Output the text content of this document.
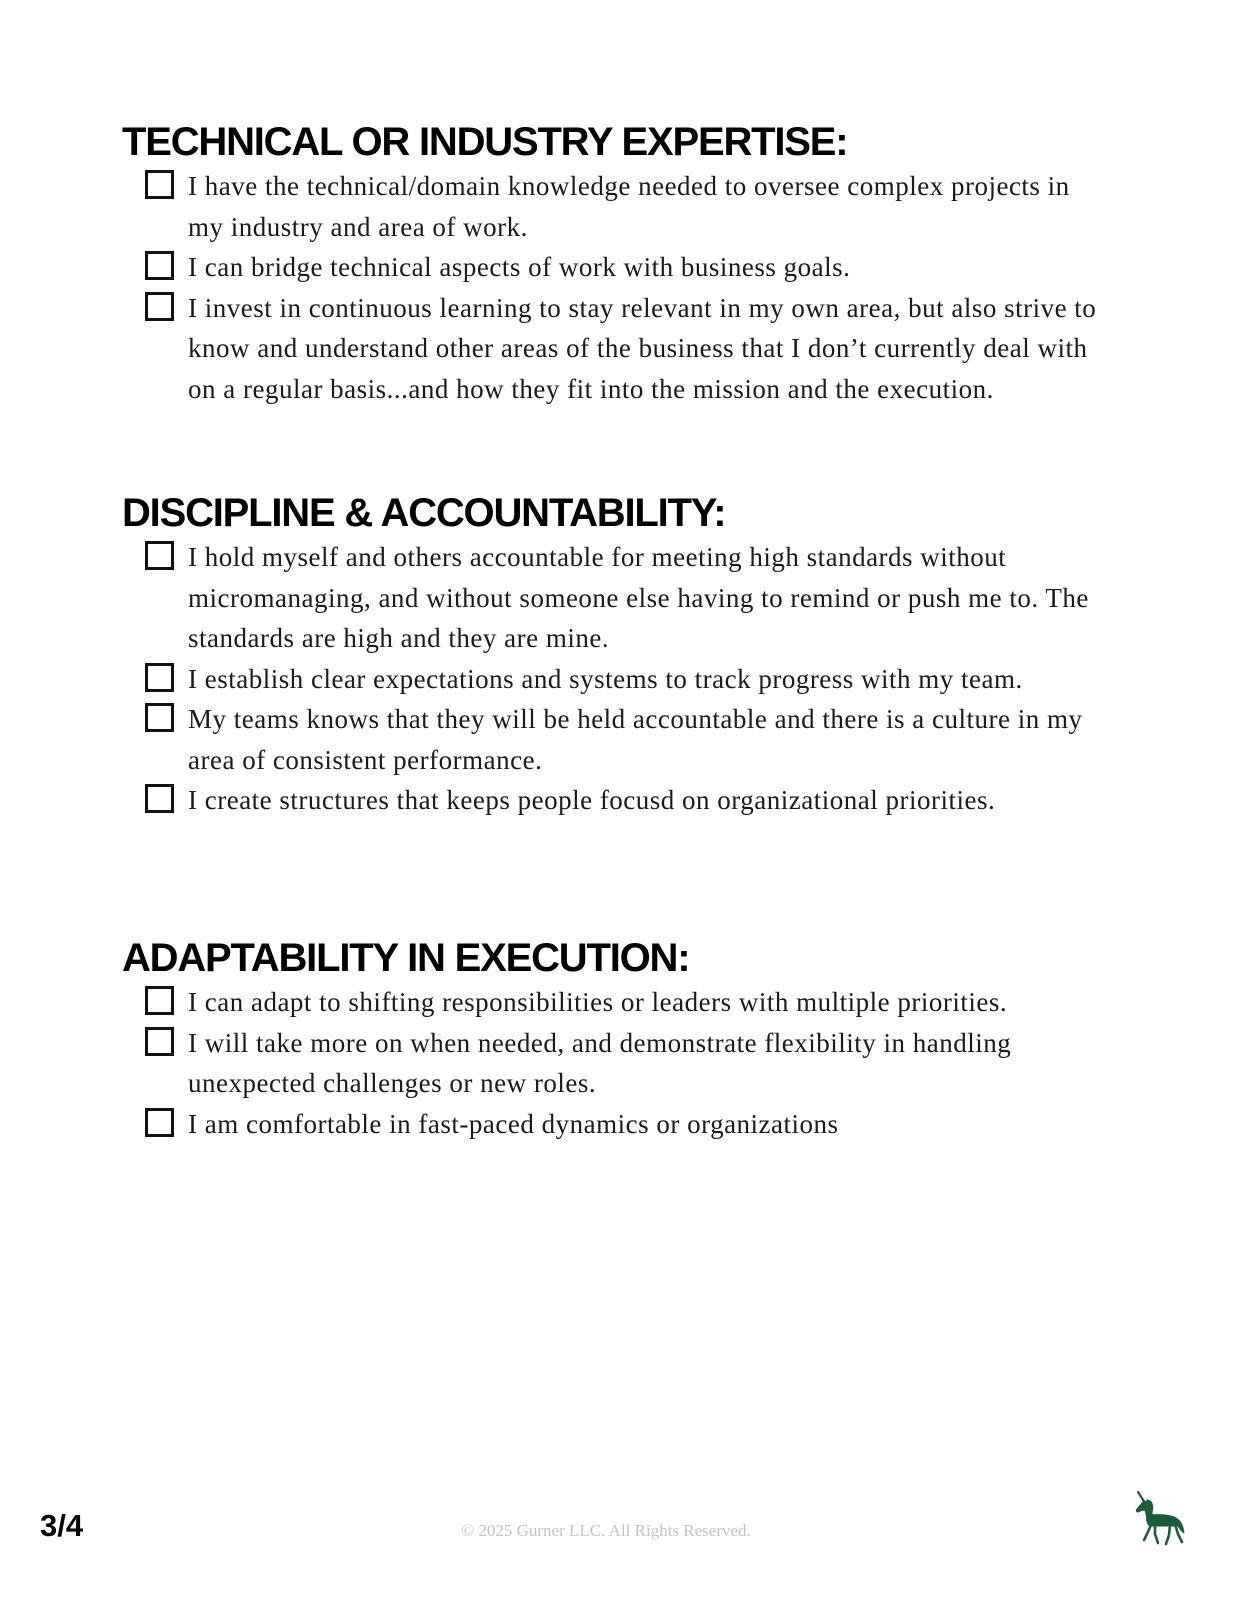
TECHNICAL OR INDUSTRY EXPERTISE:
I have the technical/domain knowledge needed to oversee complex projects in my industry and area of work.
I can bridge technical aspects of work with business goals.
I invest in continuous learning to stay relevant in my own area, but also strive to know and understand other areas of the business that I don’t currently deal with on a regular basis...and how they fit into the mission and the execution.
DISCIPLINE & ACCOUNTABILITY:
I hold myself and others accountable for meeting high standards without micromanaging, and without someone else having to remind or push me to. The standards are high and they are mine.
I establish clear expectations and systems to track progress with my team.
My teams knows that they will be held accountable and there is a culture in my area of consistent performance.
I create structures that keeps people focusd on organizational priorities.
ADAPTABILITY IN EXECUTION:
I can adapt to shifting responsibilities or leaders with multiple priorities.
I will take more on when needed, and demonstrate flexibility in handling unexpected challenges or new roles.
I am comfortable in fast-paced dynamics or organizations
3/4	© 2025 Gurner LLC. All Rights Reserved.
